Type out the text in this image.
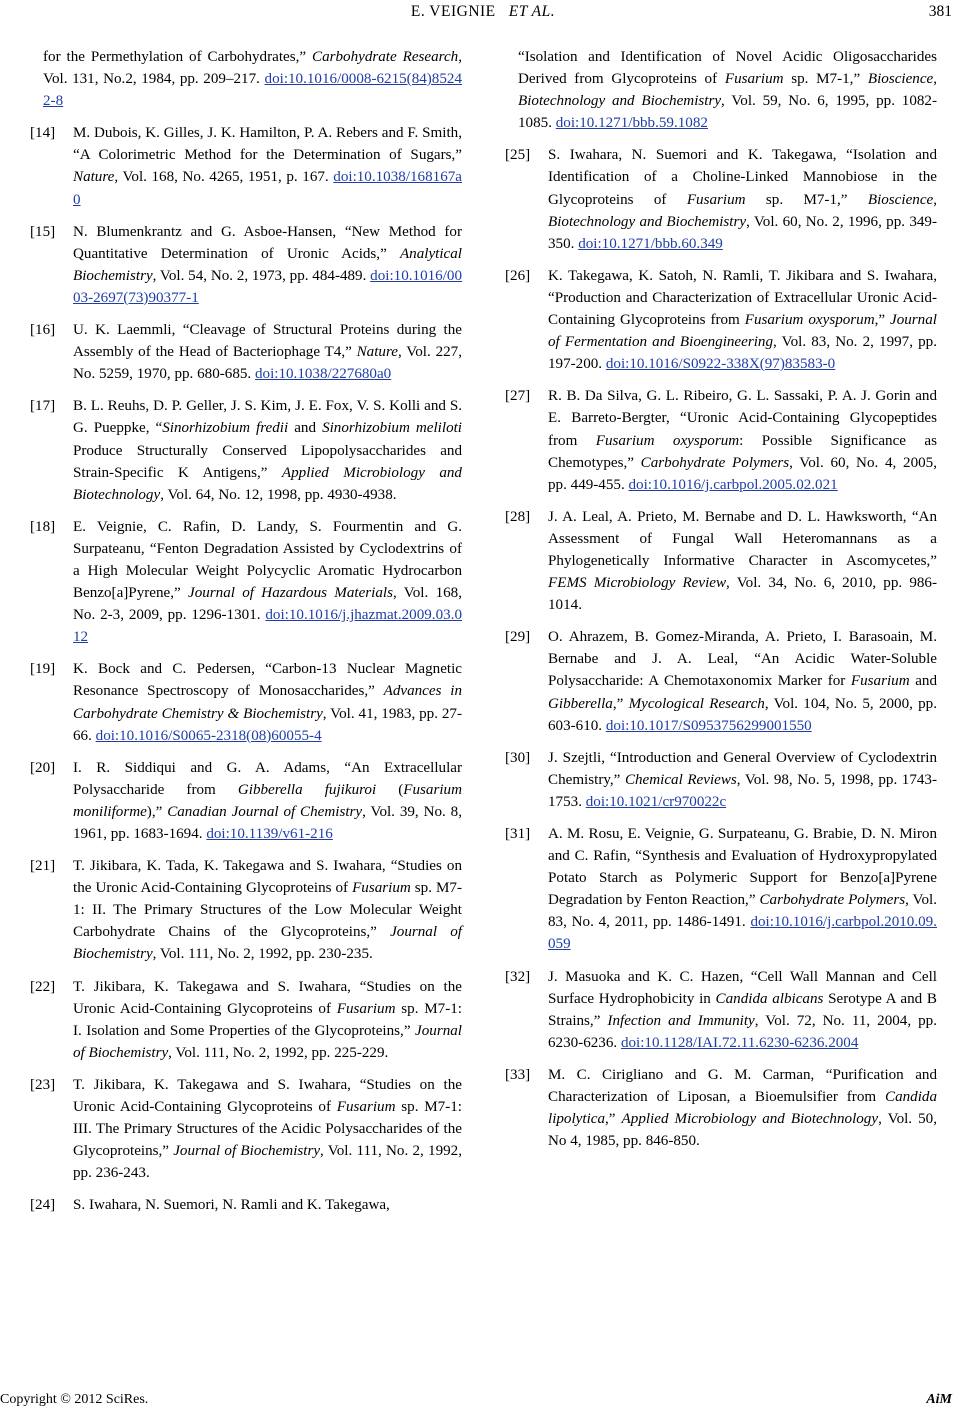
E. VEIGNIE ET AL.	381
for the Permethylation of Carbohydrates,” Carbohydrate Research, Vol. 131, No.2, 1984, pp. 209–217. doi:10.1016/0008-6215(84)85242-8
[14] M. Dubois, K. Gilles, J. K. Hamilton, P. A. Rebers and F. Smith, “A Colorimetric Method for the Determination of Sugars,” Nature, Vol. 168, No. 4265, 1951, p. 167. doi:10.1038/168167a0
[15] N. Blumenkrantz and G. Asboe-Hansen, “New Method for Quantitative Determination of Uronic Acids,” Analytical Biochemistry, Vol. 54, No. 2, 1973, pp. 484-489. doi:10.1016/0003-2697(73)90377-1
[16] U. K. Laemmli, “Cleavage of Structural Proteins during the Assembly of the Head of Bacteriophage T4,” Nature, Vol. 227, No. 5259, 1970, pp. 680-685. doi:10.1038/227680a0
[17] B. L. Reuhs, D. P. Geller, J. S. Kim, J. E. Fox, V. S. Kolli and S. G. Pueppke, “Sinorhizobium fredii and Sinorhizobium meliloti Produce Structurally Conserved Lipopolysaccharides and Strain-Specific K Antigens,” Applied Microbiology and Biotechnology, Vol. 64, No. 12, 1998, pp. 4930-4938.
[18] E. Veignie, C. Rafin, D. Landy, S. Fourmentin and G. Surpateanu, “Fenton Degradation Assisted by Cyclodextrins of a High Molecular Weight Polycyclic Aromatic Hydrocarbon Benzo[a]Pyrene,” Journal of Hazardous Materials, Vol. 168, No. 2-3, 2009, pp. 1296-1301. doi:10.1016/j.jhazmat.2009.03.012
[19] K. Bock and C. Pedersen, “Carbon-13 Nuclear Magnetic Resonance Spectroscopy of Monosaccharides,” Advances in Carbohydrate Chemistry & Biochemistry, Vol. 41, 1983, pp. 27-66. doi:10.1016/S0065-2318(08)60055-4
[20] I. R. Siddiqui and G. A. Adams, “An Extracellular Polysaccharide from Gibberella fujikuroi (Fusarium moniliforme),” Canadian Journal of Chemistry, Vol. 39, No. 8, 1961, pp. 1683-1694. doi:10.1139/v61-216
[21] T. Jikibara, K. Tada, K. Takegawa and S. Iwahara, “Studies on the Uronic Acid-Containing Glycoproteins of Fusarium sp. M7-1: II. The Primary Structures of the Low Molecular Weight Carbohydrate Chains of the Glycoproteins,” Journal of Biochemistry, Vol. 111, No. 2, 1992, pp. 230-235.
[22] T. Jikibara, K. Takegawa and S. Iwahara, “Studies on the Uronic Acid-Containing Glycoproteins of Fusarium sp. M7-1: I. Isolation and Some Properties of the Glycoproteins,” Journal of Biochemistry, Vol. 111, No. 2, 1992, pp. 225-229.
[23] T. Jikibara, K. Takegawa and S. Iwahara, “Studies on the Uronic Acid-Containing Glycoproteins of Fusarium sp. M7-1: III. The Primary Structures of the Acidic Polysaccharides of the Glycoproteins,” Journal of Biochemistry, Vol. 111, No. 2, 1992, pp. 236-243.
[24] S. Iwahara, N. Suemori, N. Ramli and K. Takegawa,
“Isolation and Identification of Novel Acidic Oligosaccharides Derived from Glycoproteins of Fusarium sp. M7-1,” Bioscience, Biotechnology and Biochemistry, Vol. 59, No. 6, 1995, pp. 1082-1085. doi:10.1271/bbb.59.1082
[25] S. Iwahara, N. Suemori and K. Takegawa, “Isolation and Identification of a Choline-Linked Mannobiose in the Glycoproteins of Fusarium sp. M7-1,” Bioscience, Biotechnology and Biochemistry, Vol. 60, No. 2, 1996, pp. 349-350. doi:10.1271/bbb.60.349
[26] K. Takegawa, K. Satoh, N. Ramli, T. Jikibara and S. Iwahara, “Production and Characterization of Extracellular Uronic Acid-Containing Glycoproteins from Fusarium oxysporum,” Journal of Fermentation and Bioengineering, Vol. 83, No. 2, 1997, pp. 197-200. doi:10.1016/S0922-338X(97)83583-0
[27] R. B. Da Silva, G. L. Ribeiro, G. L. Sassaki, P. A. J. Gorin and E. Barreto-Bergter, “Uronic Acid-Containing Glycopeptides from Fusarium oxysporum: Possible Significance as Chemotypes,” Carbohydrate Polymers, Vol. 60, No. 4, 2005, pp. 449-455. doi:10.1016/j.carbpol.2005.02.021
[28] J. A. Leal, A. Prieto, M. Bernabe and D. L. Hawksworth, “An Assessment of Fungal Wall Heteromannans as a Phylogenetically Informative Character in Ascomycetes,” FEMS Microbiology Review, Vol. 34, No. 6, 2010, pp. 986-1014.
[29] O. Ahrazem, B. Gomez-Miranda, A. Prieto, I. Barasoain, M. Bernabe and J. A. Leal, “An Acidic Water-Soluble Polysaccharide: A Chemotaxonomix Marker for Fusarium and Gibberella,” Mycological Research, Vol. 104, No. 5, 2000, pp. 603-610. doi:10.1017/S0953756299001550
[30] J. Szejtli, “Introduction and General Overview of Cyclodextrin Chemistry,” Chemical Reviews, Vol. 98, No. 5, 1998, pp. 1743-1753. doi:10.1021/cr970022c
[31] A. M. Rosu, E. Veignie, G. Surpateanu, G. Brabie, D. N. Miron and C. Rafin, “Synthesis and Evaluation of Hydroxypropylated Potato Starch as Polymeric Support for Benzo[a]Pyrene Degradation by Fenton Reaction,” Carbohydrate Polymers, Vol. 83, No. 4, 2011, pp. 1486-1491. doi:10.1016/j.carbpol.2010.09.059
[32] J. Masuoka and K. C. Hazen, “Cell Wall Mannan and Cell Surface Hydrophobicity in Candida albicans Serotype A and B Strains,” Infection and Immunity, Vol. 72, No. 11, 2004, pp. 6230-6236. doi:10.1128/IAI.72.11.6230-6236.2004
[33] M. C. Cirigliano and G. M. Carman, “Purification and Characterization of Liposan, a Bioemulsifier from Candida lipolytica,” Applied Microbiology and Biotechnology, Vol. 50, No 4, 1985, pp. 846-850.
Copyright © 2012 SciRes.	AiM
